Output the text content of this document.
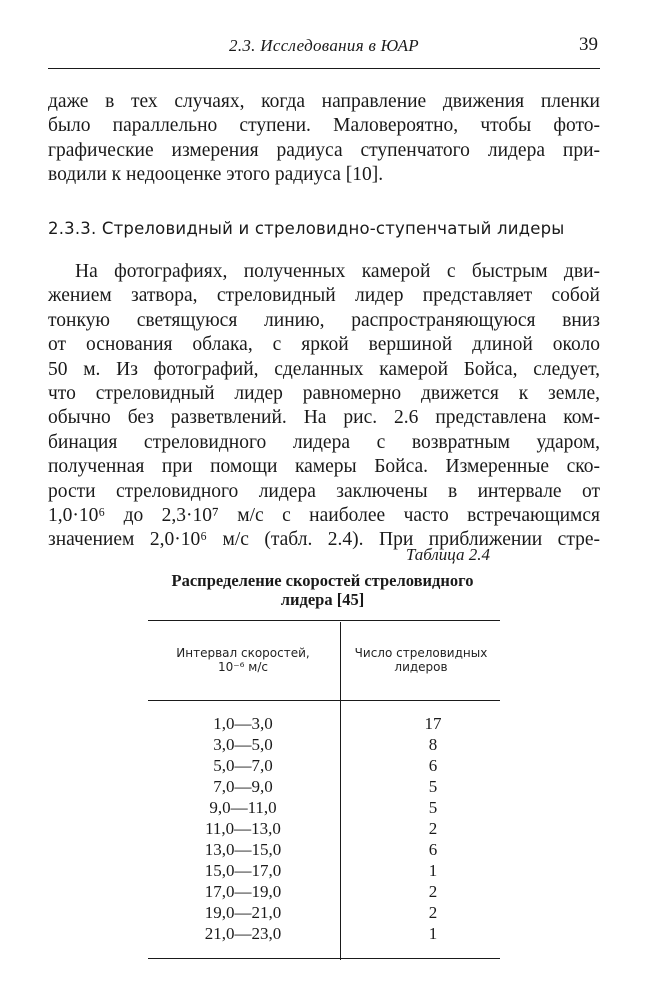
2.3. Исследования в ЮАР	39
даже в тех случаях, когда направление движения пленки
было параллельно ступени. Маловероятно, чтобы фото-
графические измерения радиуса ступенчатого лидера при-
водили к недооценке этого радиуса [10].
2.3.3. Стреловидный и стреловидно-ступенчатый лидеры
На фотографиях, полученных камерой с быстрым дви-
жением затвора, стреловидный лидер представляет собой
тонкую светящуюся линию, распространяющуюся вниз
от основания облака, с яркой вершиной длиной около
50 м. Из фотографий, сделанных камерой Бойса, следует,
что стреловидный лидер равномерно движется к земле,
обычно без разветвлений. На рис. 2.6 представлена ком-
бинация стреловидного лидера с возвратным ударом,
полученная при помощи камеры Бойса. Измеренные ско-
рости стреловидного лидера заключены в интервале от
1,0·10⁶ до 2,3·10⁷ м/с с наиболее часто встречающимся
значением 2,0·10⁶ м/с (табл. 2.4). При приближении стре-
Таблица 2.4
Распределение скоростей стреловидного
лидера [45]
Интервал скоростей,
10⁻⁶ м/с
Число стреловидных
лидеров
1,0—3,0	17
3,0—5,0	8
5,0—7,0	6
7,0—9,0	5
9,0—11,0	5
11,0—13,0	2
13,0—15,0	6
15,0—17,0	1
17,0—19,0	2
19,0—21,0	2
21,0—23,0	1
